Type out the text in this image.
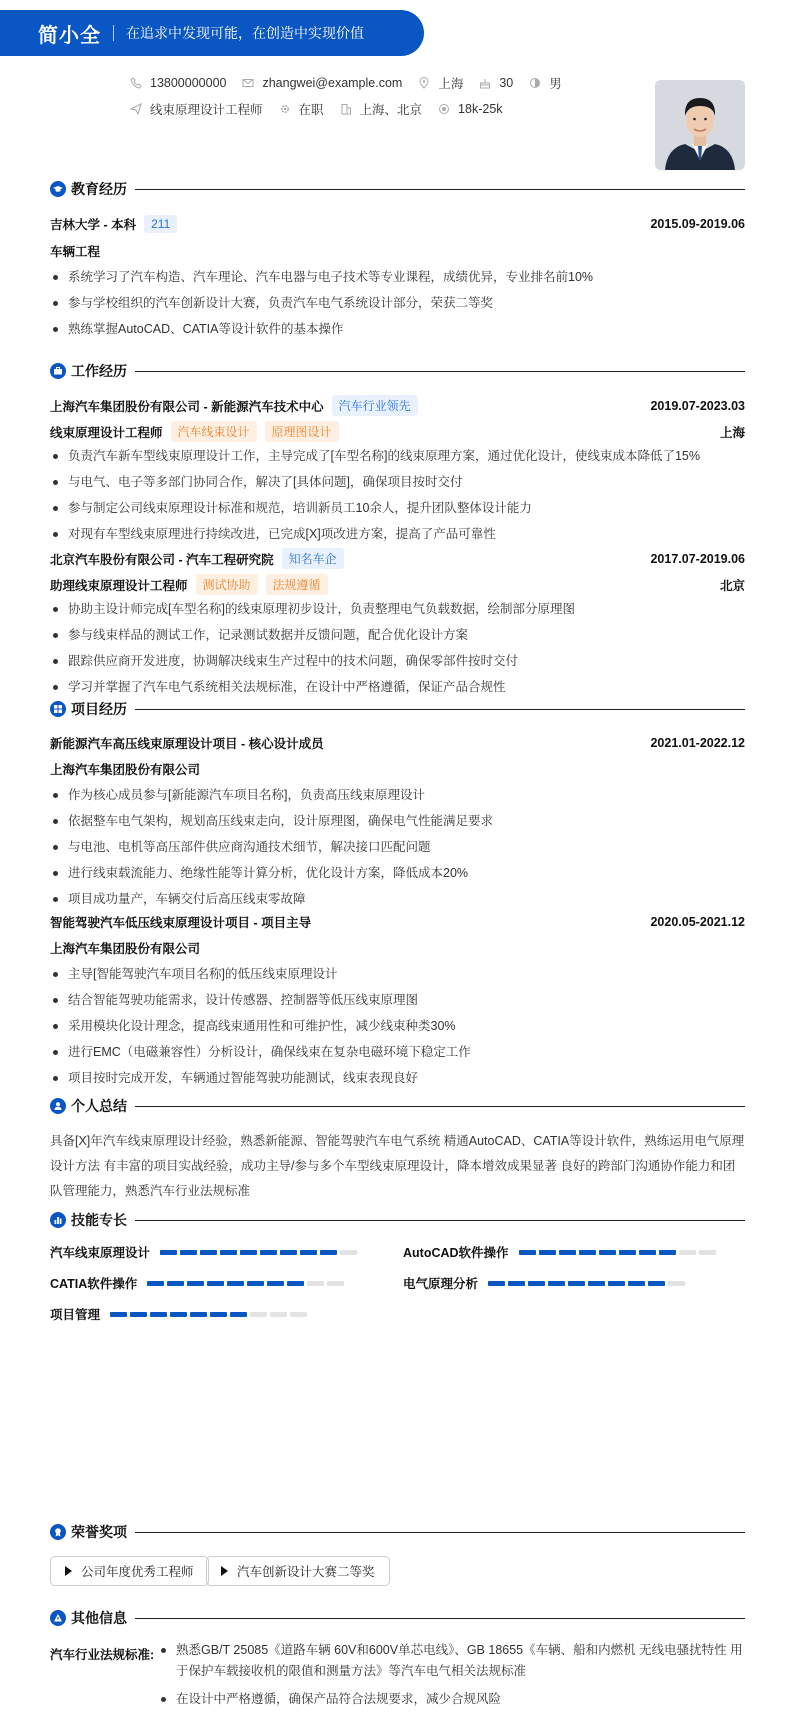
简小全 在追求中发现可能，在创造中实现价值
13800000000	zhangwei@example.com	上海	30	男
线束原理设计工程师	在职	上海、北京	18k-25k
教育经历
吉林大学 - 本科	211	2015.09-2019.06
车辆工程
系统学习了汽车构造、汽车理论、汽车电器与电子技术等专业课程，成绩优异，专业排名前10%
参与学校组织的汽车创新设计大赛，负责汽车电气系统设计部分，荣获二等奖
熟练掌握AutoCAD、CATIA等设计软件的基本操作
工作经历
上海汽车集团股份有限公司 - 新能源汽车技术中心	汽车行业领先	2019.07-2023.03
线束原理设计工程师	汽车线束设计	原理图设计	上海
负责汽车新车型线束原理设计工作，主导完成了[车型名称]的线束原理方案，通过优化设计，使线束成本降低了15%
与电气、电子等多部门协同合作，解决了[具体问题]，确保项目按时交付
参与制定公司线束原理设计标准和规范，培训新员工10余人，提升团队整体设计能力
对现有车型线束原理进行持续改进，已完成[X]项改进方案，提高了产品可靠性
北京汽车股份有限公司 - 汽车工程研究院	知名车企	2017.07-2019.06
助理线束原理设计工程师	测试协助	法规遵循	北京
协助主设计师完成[车型名称]的线束原理初步设计，负责整理电气负载数据，绘制部分原理图
参与线束样品的测试工作，记录测试数据并反馈问题，配合优化设计方案
跟踪供应商开发进度，协调解决线束生产过程中的技术问题，确保零部件按时交付
学习并掌握了汽车电气系统相关法规标准，在设计中严格遵循，保证产品合规性
项目经历
新能源汽车高压线束原理设计项目 - 核心设计成员	2021.01-2022.12
上海汽车集团股份有限公司
作为核心成员参与[新能源汽车项目名称]，负责高压线束原理设计
依据整车电气架构，规划高压线束走向，设计原理图，确保电气性能满足要求
与电池、电机等高压部件供应商沟通技术细节，解决接口匹配问题
进行线束载流能力、绝缘性能等计算分析，优化设计方案，降低成本20%
项目成功量产，车辆交付后高压线束零故障
智能驾驶汽车低压线束原理设计项目 - 项目主导	2020.05-2021.12
上海汽车集团股份有限公司
主导[智能驾驶汽车项目名称]的低压线束原理设计
结合智能驾驶功能需求，设计传感器、控制器等低压线束原理图
采用模块化设计理念，提高线束通用性和可维护性，减少线束种类30%
进行EMC（电磁兼容性）分析设计，确保线束在复杂电磁环境下稳定工作
项目按时完成开发，车辆通过智能驾驶功能测试，线束表现良好
个人总结
具备[X]年汽车线束原理设计经验，熟悉新能源、智能驾驶汽车电气系统 精通AutoCAD、CATIA等设计软件，熟练运用电气原理设计方法 有丰富的项目实战经验，成功主导/参与多个车型线束原理设计，降本增效成果显著 良好的跨部门沟通协作能力和团队管理能力，熟悉汽车行业法规标准
技能专长
汽车线束原理设计	AutoCAD软件操作
CATIA软件操作	电气原理分析
项目管理
荣誉奖项
公司年度优秀工程师	汽车创新设计大赛二等奖
其他信息
汽车行业法规标准:	熟悉GB/T 25085《道路车辆 60V和600V单芯电线》、GB 18655《车辆、船和内燃机 无线电骚扰特性 用于保护车载接收机的限值和测量方法》等汽车电气相关法规标准
在设计中严格遵循，确保产品符合法规要求，减少合规风险
